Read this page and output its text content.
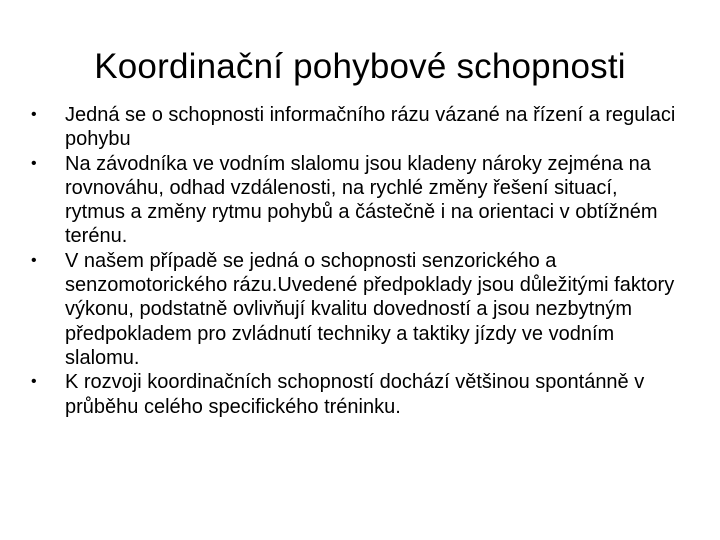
Koordinační pohybové schopnosti
• Jedná se o schopnosti informačního rázu vázané na řízení a regulaci pohybu
• Na závodníka ve vodním slalomu jsou kladeny nároky zejména na rovnováhu, odhad vzdálenosti, na rychlé změny řešení situací, rytmus a změny rytmu pohybů a částečně i na orientaci v obtížném terénu.
• V našem případě se jedná o schopnosti senzorického a senzomotorického rázu.Uvedené předpoklady jsou důležitými faktory výkonu, podstatně ovlivňují kvalitu dovedností a jsou nezbytným předpokladem pro zvládnutí techniky a taktiky jízdy ve vodním slalomu.
• K rozvoji koordinačních schopností dochází většinou spontánně v průběhu celého specifického tréninku.
